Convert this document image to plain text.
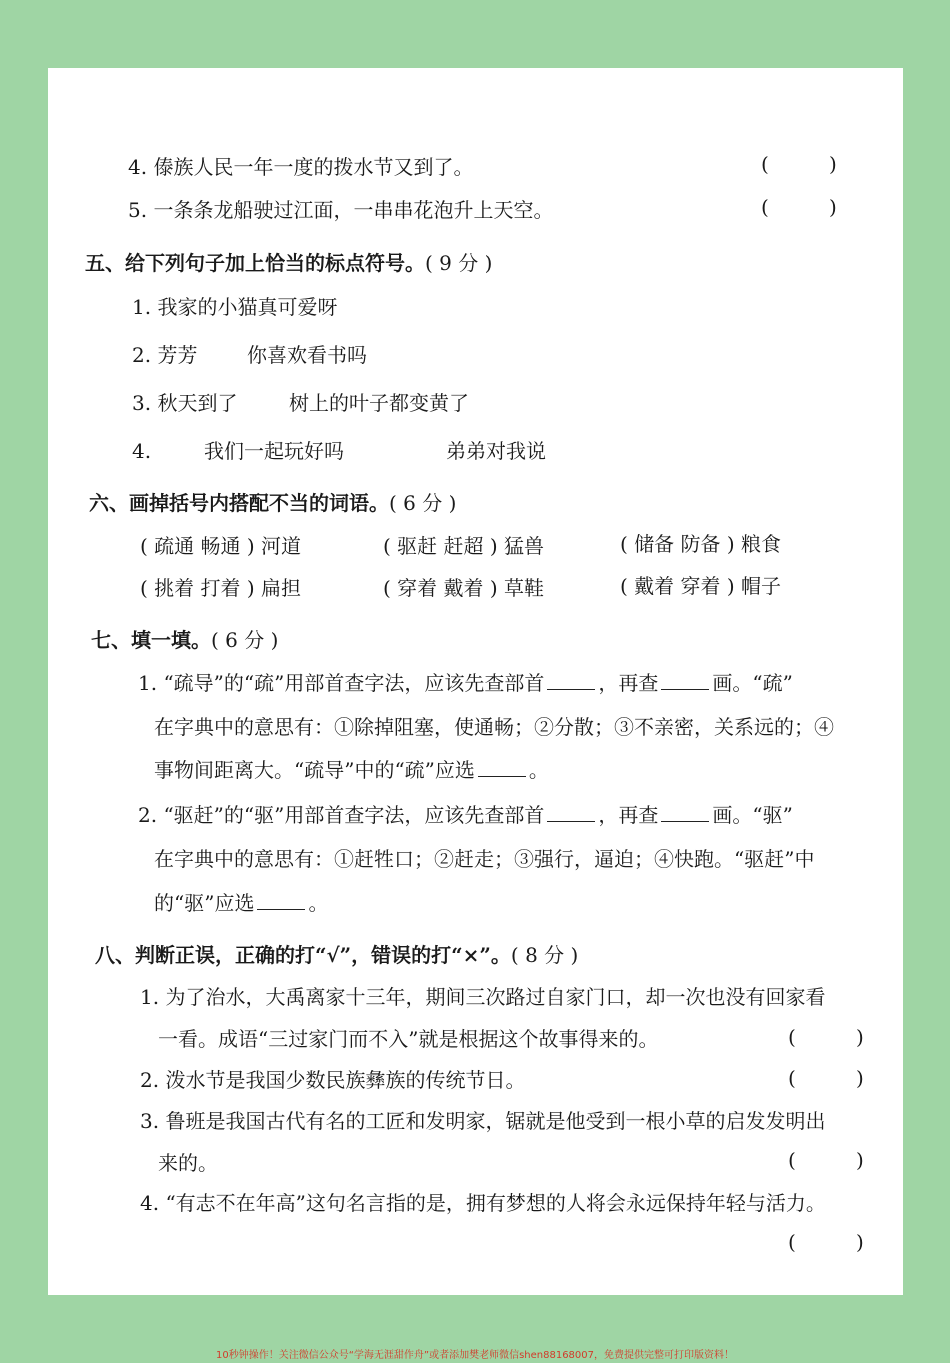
4. 傣族人民一年一度的拨水节又到了。	(	)
5. 一条条龙船驶过江面，一串串花泡升上天空。	(	)
五、给下列句子加上恰当的标点符号。( 9 分 )
1. 我家的小猫真可爱呀
2. 芳芳 你喜欢看书吗
3. 秋天到了	树上的叶子都变黄了
4.	我们一起玩好吗	弟弟对我说
六、画掉括号内搭配不当的词语。( 6 分 )
( 疏通 畅通 ) 河道	( 驱赶 赶超 ) 猛兽	( 储备 防备 ) 粮食
( 挑着 打着 ) 扁担	( 穿着 戴着 ) 草鞋	( 戴着 穿着 ) 帽子
七、填一填。( 6 分 )
1. “疏导”的“疏”用部首查字法，应该先查部首	，再查	画。“疏”
在字典中的意思有：①除掉阻塞，使通畅；②分散；③不亲密，关系远的；④
事物间距离大。“疏导”中的“疏”应选	。
2. “驱赶”的“驱”用部首查字法，应该先查部首	，再查	画。“驱”
在字典中的意思有：①赶牲口；②赶走；③强行，逼迫；④快跑。“驱赶”中
的“驱”应选	。
八、判断正误，正确的打“√”，错误的打“×”。( 8 分 )
1. 为了治水，大禹离家十三年，期间三次路过自家门口，却一次也没有回家看
一看。成语“三过家门而不入”就是根据这个故事得来的。	(	)
2. 泼水节是我国少数民族彝族的传统节日。	(	)
3. 鲁班是我国古代有名的工匠和发明家，锯就是他受到一根小草的启发发明出
来的。	(	)
4. “有志不在年高”这句名言指的是，拥有梦想的人将会永远保持年轻与活力。
(	)
10秒钟操作！关注微信公众号“学海无涯甜作舟”或者添加樊老师微信shen88168007，免费提供完整可打印版资料！
